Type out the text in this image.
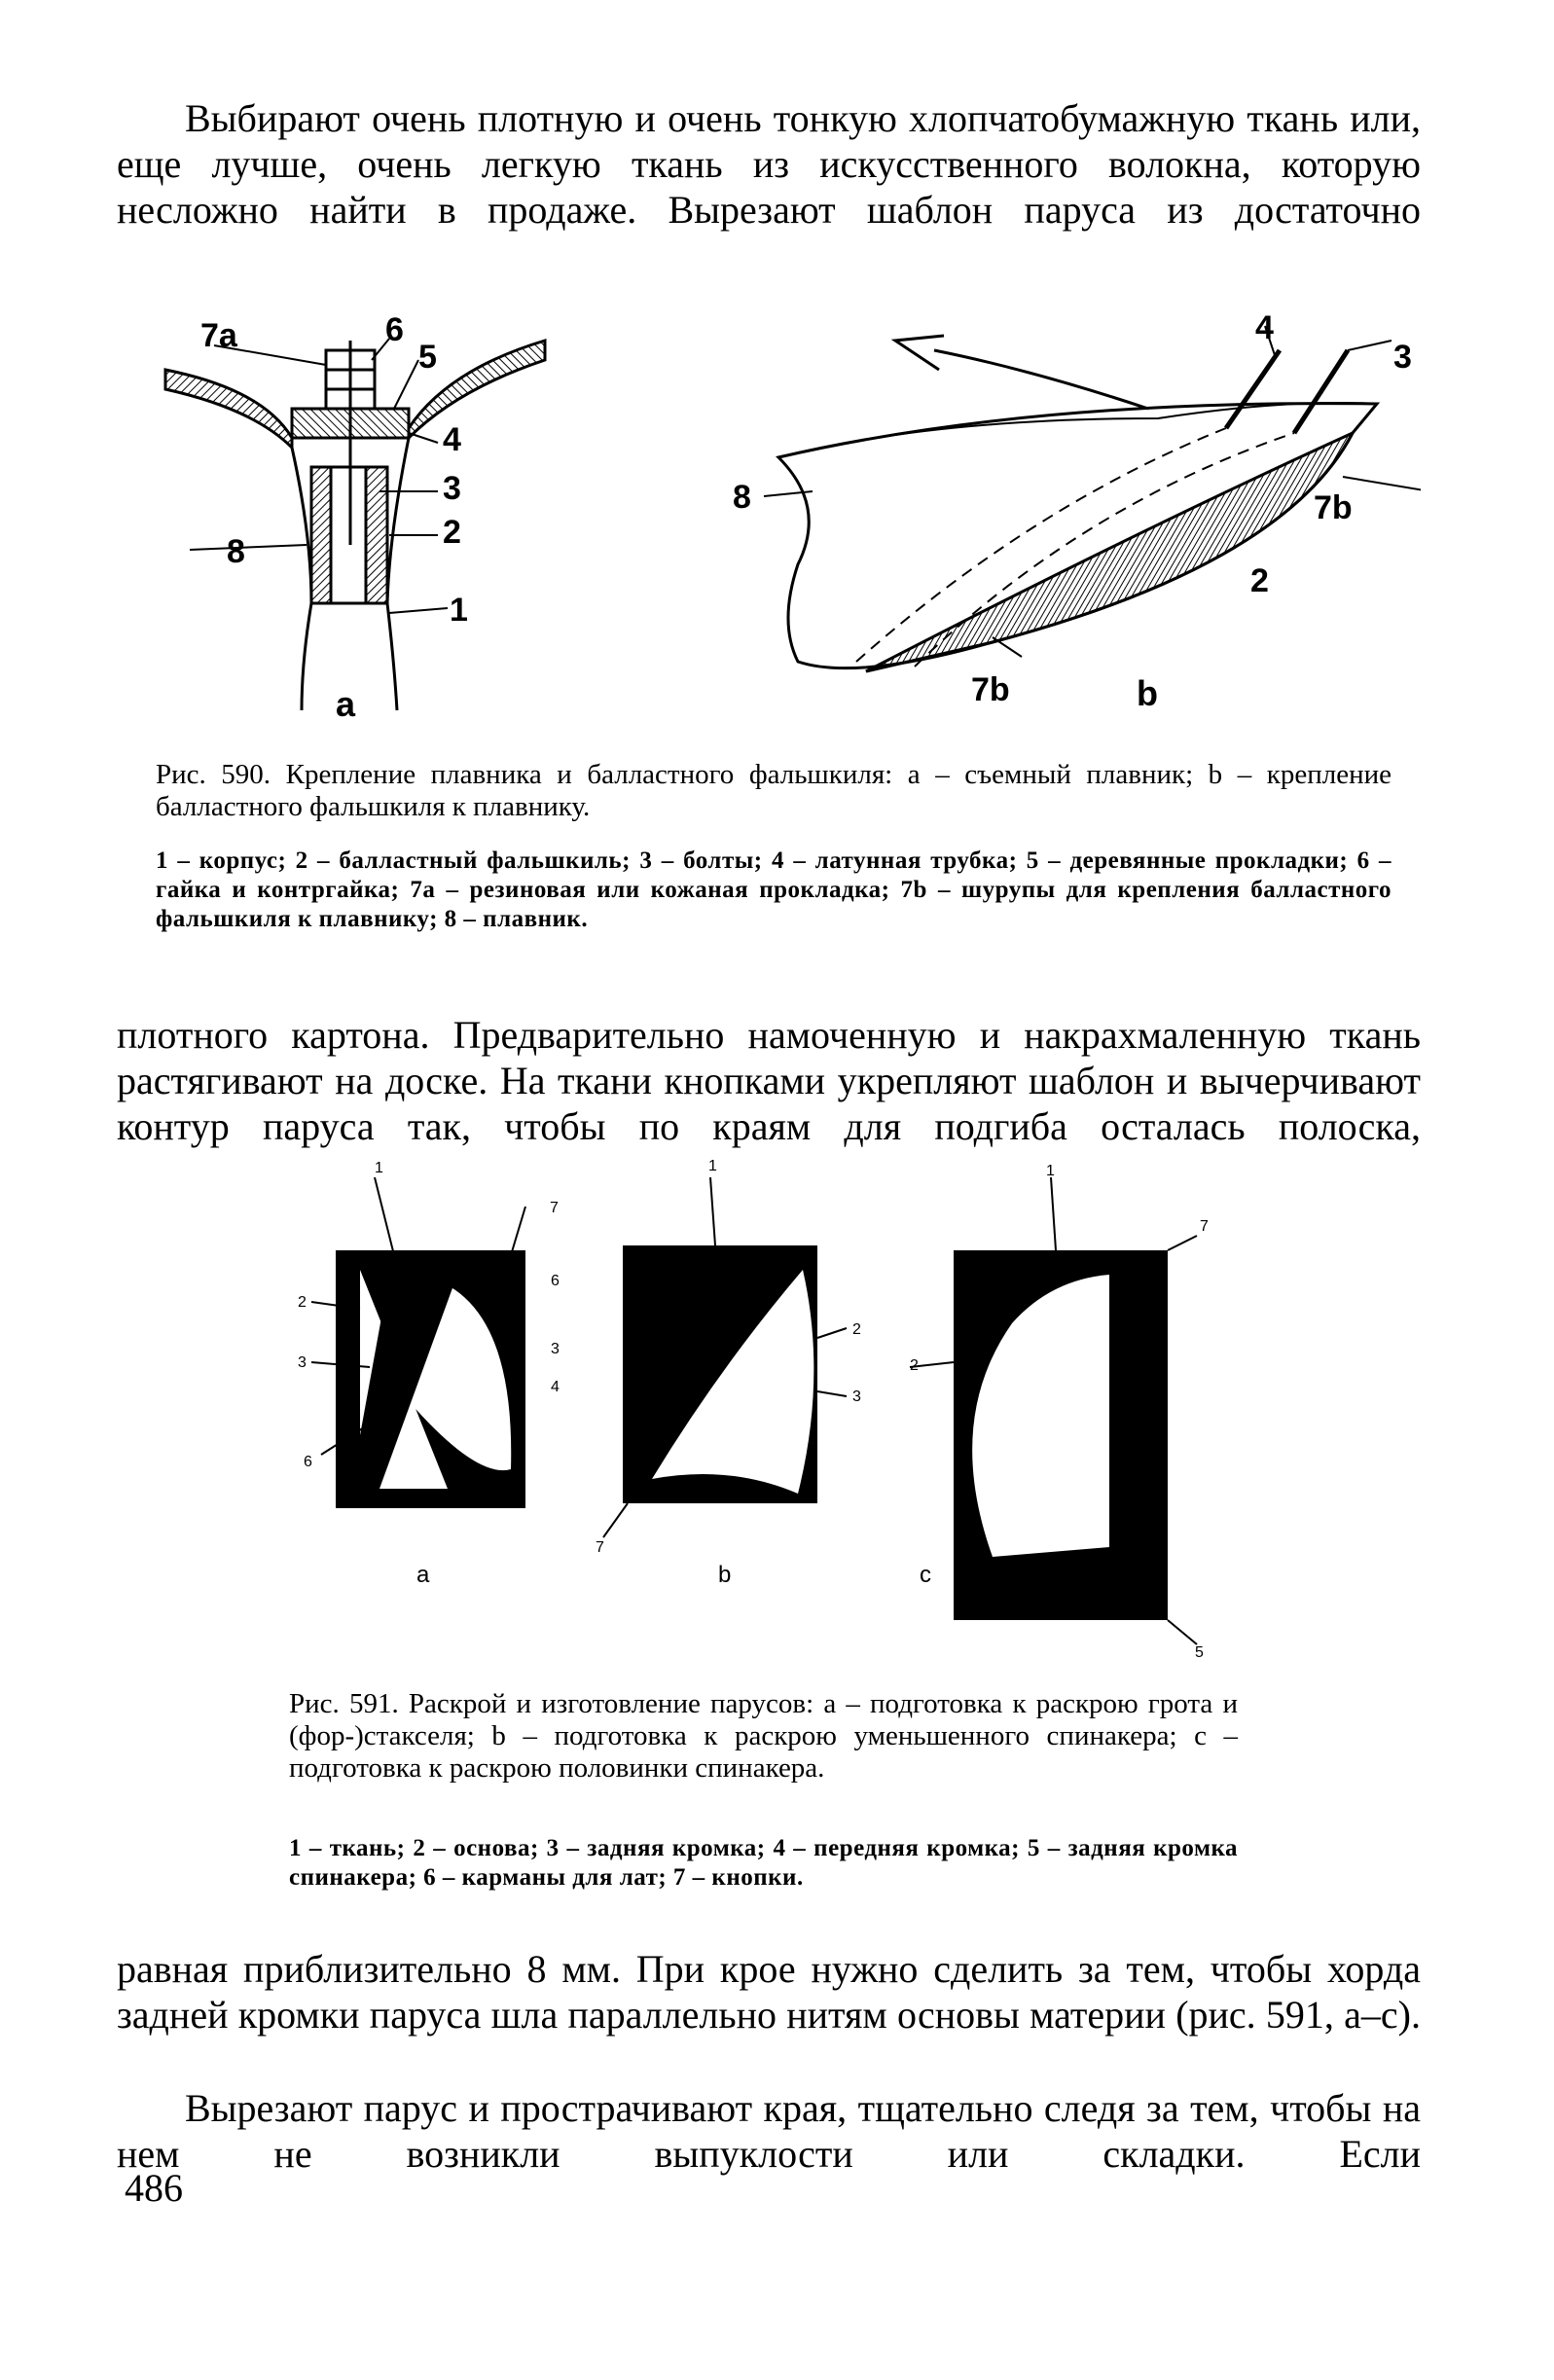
Выбирают очень плотную и очень тонкую хлопчатобумажную ткань или, еще лучше, очень легкую ткань из искусственного волокна, которую несложно найти в продаже. Вырезают шаблон паруса из достаточно

7a	6
5
4
3
2
8
1
a
4
3
8	7b
2
7b	b

Рис. 590. Крепление плавника и балластного фальшкиля: a – съемный плавник; b – крепление балластного фальшкиля к плавнику.

1 – корпус; 2 – балластный фальшкиль; 3 – болты; 4 – латунная трубка; 5 – деревянные прокладки; 6 – гайка и контргайка; 7a – резиновая или кожаная прокладка; 7b – шурупы для крепления балластного фальшкиля к плавнику; 8 – плавник.

плотного картона. Предварительно намоченную и накрахмаленную ткань растягивают на доске. На ткани кнопками укрепляют шаблон и вычерчивают контур паруса так, чтобы по краям для подгиба осталась полоска,

1
7
2
6
3
3
4
6
a
1
2
3
7
b
1
7
2
5
c

Рис. 591. Раскрой и изготовление парусов: а – подготовка к раскрою грота и (фор-)стакселя; b – подготовка к раскрою уменьшенного спинакера; с – подготовка к раскрою половинки спинакера.

1 – ткань; 2 – основа; 3 – задняя кромка; 4 – передняя кромка; 5 – задняя кромка спинакера; 6 – карманы для лат; 7 – кнопки.

равная приблизительно 8 мм. При крое нужно сделить за тем, чтобы хорда задней кромки паруса шла параллельно нитям основы материи (рис. 591, а–с).

Вырезают парус и прострачивают края, тщательно следя за тем, чтобы на нем не возникли выпуклости или складки. Если

486
